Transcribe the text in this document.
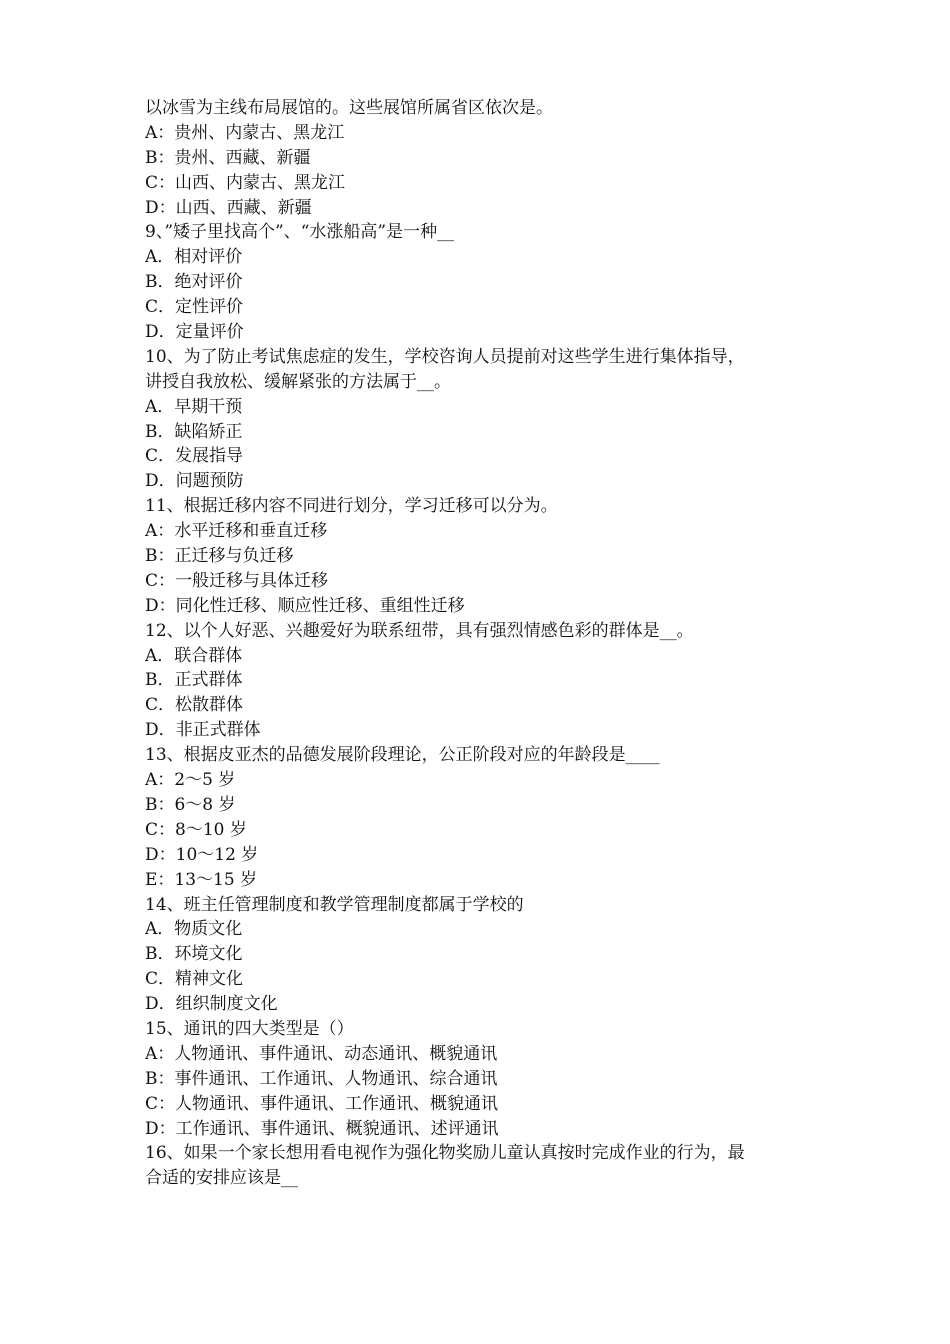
以冰雪为主线布局展馆的。这些展馆所属省区依次是。
A：贵州、内蒙古、黑龙江
B：贵州、西藏、新疆
C：山西、内蒙古、黑龙江
D：山西、西藏、新疆
9、”矮子里找高个”、“水涨船高”是一种__
A．相对评价
B．绝对评价
C．定性评价
D．定量评价
10、为了防止考试焦虑症的发生，学校咨询人员提前对这些学生进行集体指导，
讲授自我放松、缓解紧张的方法属于__。
A．早期干预
B．缺陷矫正
C．发展指导
D．问题预防
11、根据迁移内容不同进行划分，学习迁移可以分为。
A：水平迁移和垂直迁移
B：正迁移与负迁移
C：一般迁移与具体迁移
D：同化性迁移、顺应性迁移、重组性迁移
12、以个人好恶、兴趣爱好为联系纽带，具有强烈情感色彩的群体是__。
A．联合群体
B．正式群体
C．松散群体
D．非正式群体
13、根据皮亚杰的品德发展阶段理论，公正阶段对应的年龄段是____
A：2～5 岁
B：6～8 岁
C：8～10 岁
D：10～12 岁
E：13～15 岁
14、班主任管理制度和教学管理制度都属于学校的
A．物质文化
B．环境文化
C．精神文化
D．组织制度文化
15、通讯的四大类型是（）
A：人物通讯、事件通讯、动态通讯、概貌通讯
B：事件通讯、工作通讯、人物通讯、综合通讯
C：人物通讯、事件通讯、工作通讯、概貌通讯
D：工作通讯、事件通讯、概貌通讯、述评通讯
16、如果一个家长想用看电视作为强化物奖励儿童认真按时完成作业的行为，最
合适的安排应该是__
